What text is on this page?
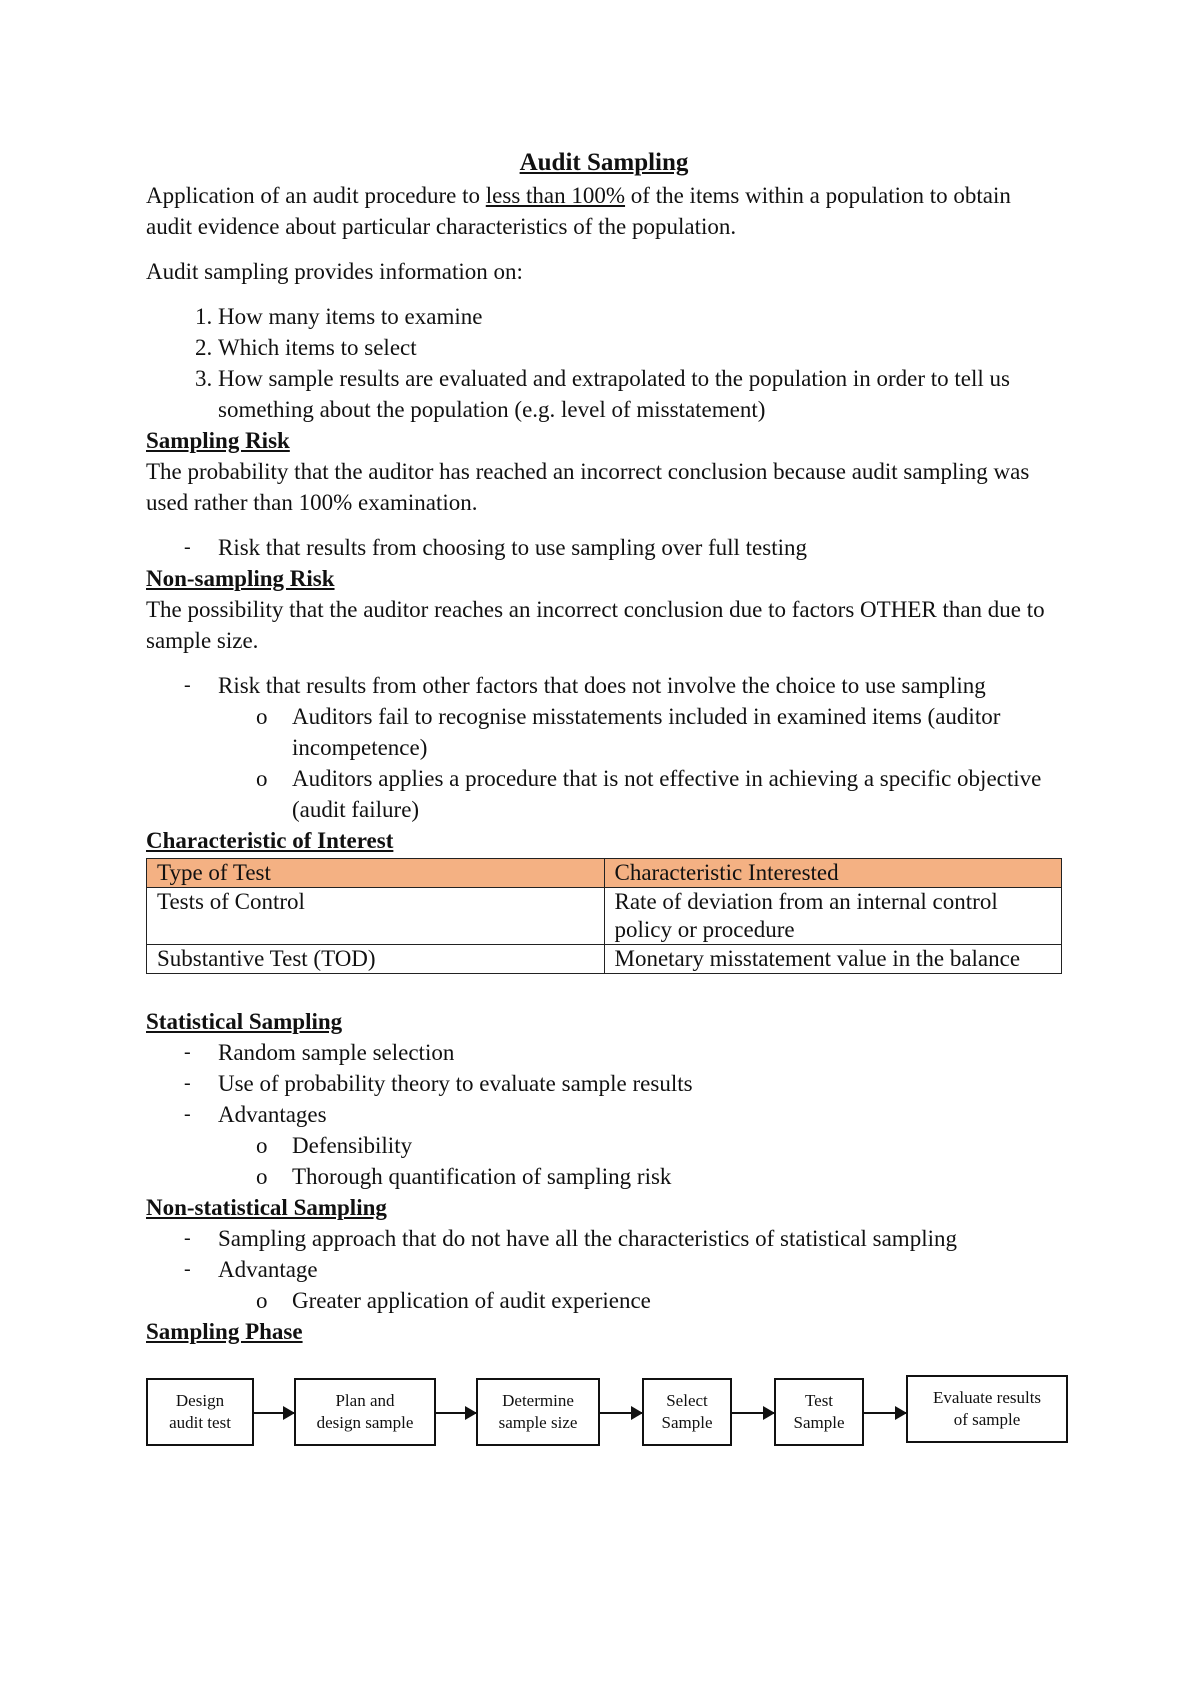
Audit Sampling

Application of an audit procedure to less than 100% of the items within a population to obtain audit evidence about particular characteristics of the population.

Audit sampling provides information on:

1. How many items to examine
2. Which items to select
3. How sample results are evaluated and extrapolated to the population in order to tell us something about the population (e.g. level of misstatement)

Sampling Risk

The probability that the auditor has reached an incorrect conclusion because audit sampling was used rather than 100% examination.

- Risk that results from choosing to use sampling over full testing

Non-sampling Risk

The possibility that the auditor reaches an incorrect conclusion due to factors OTHER than due to sample size.

- Risk that results from other factors that does not involve the choice to use sampling
o Auditors fail to recognise misstatements included in examined items (auditor incompetence)
o Auditors applies a procedure that is not effective in achieving a specific objective (audit failure)

Characteristic of Interest

Type of Test	Characteristic Interested
Tests of Control	Rate of deviation from an internal control policy or procedure
Substantive Test (TOD)	Monetary misstatement value in the balance

Statistical Sampling

- Random sample selection
- Use of probability theory to evaluate sample results
- Advantages
o Defensibility
o Thorough quantification of sampling risk

Non-statistical Sampling

- Sampling approach that do not have all the characteristics of statistical sampling
- Advantage
o Greater application of audit experience

Sampling Phase

Design
audit test
Plan and
design sample
Determine
sample size
Select
Sample
Test
Sample
Evaluate results
of sample
